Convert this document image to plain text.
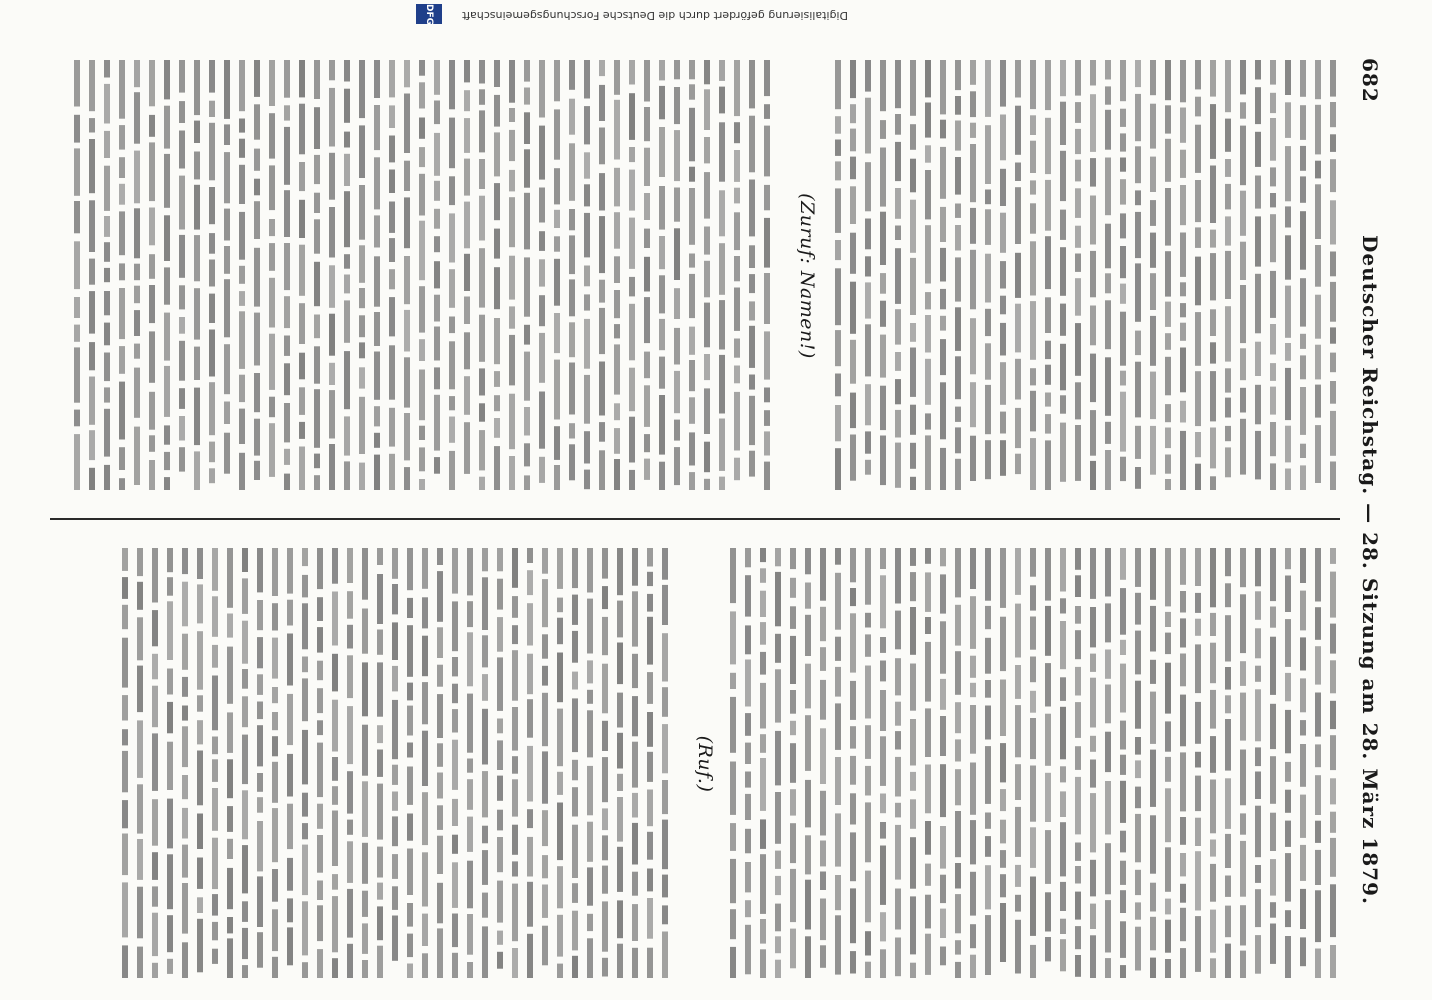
682
Deutscher Reichstag. — 28. Sitzung am 28. März 1879.
(Zuruf: Namen!)
(Ruf.)
Digitalisierung gefördert durch die Deutsche Forschungsgemeinschaft
DFG
